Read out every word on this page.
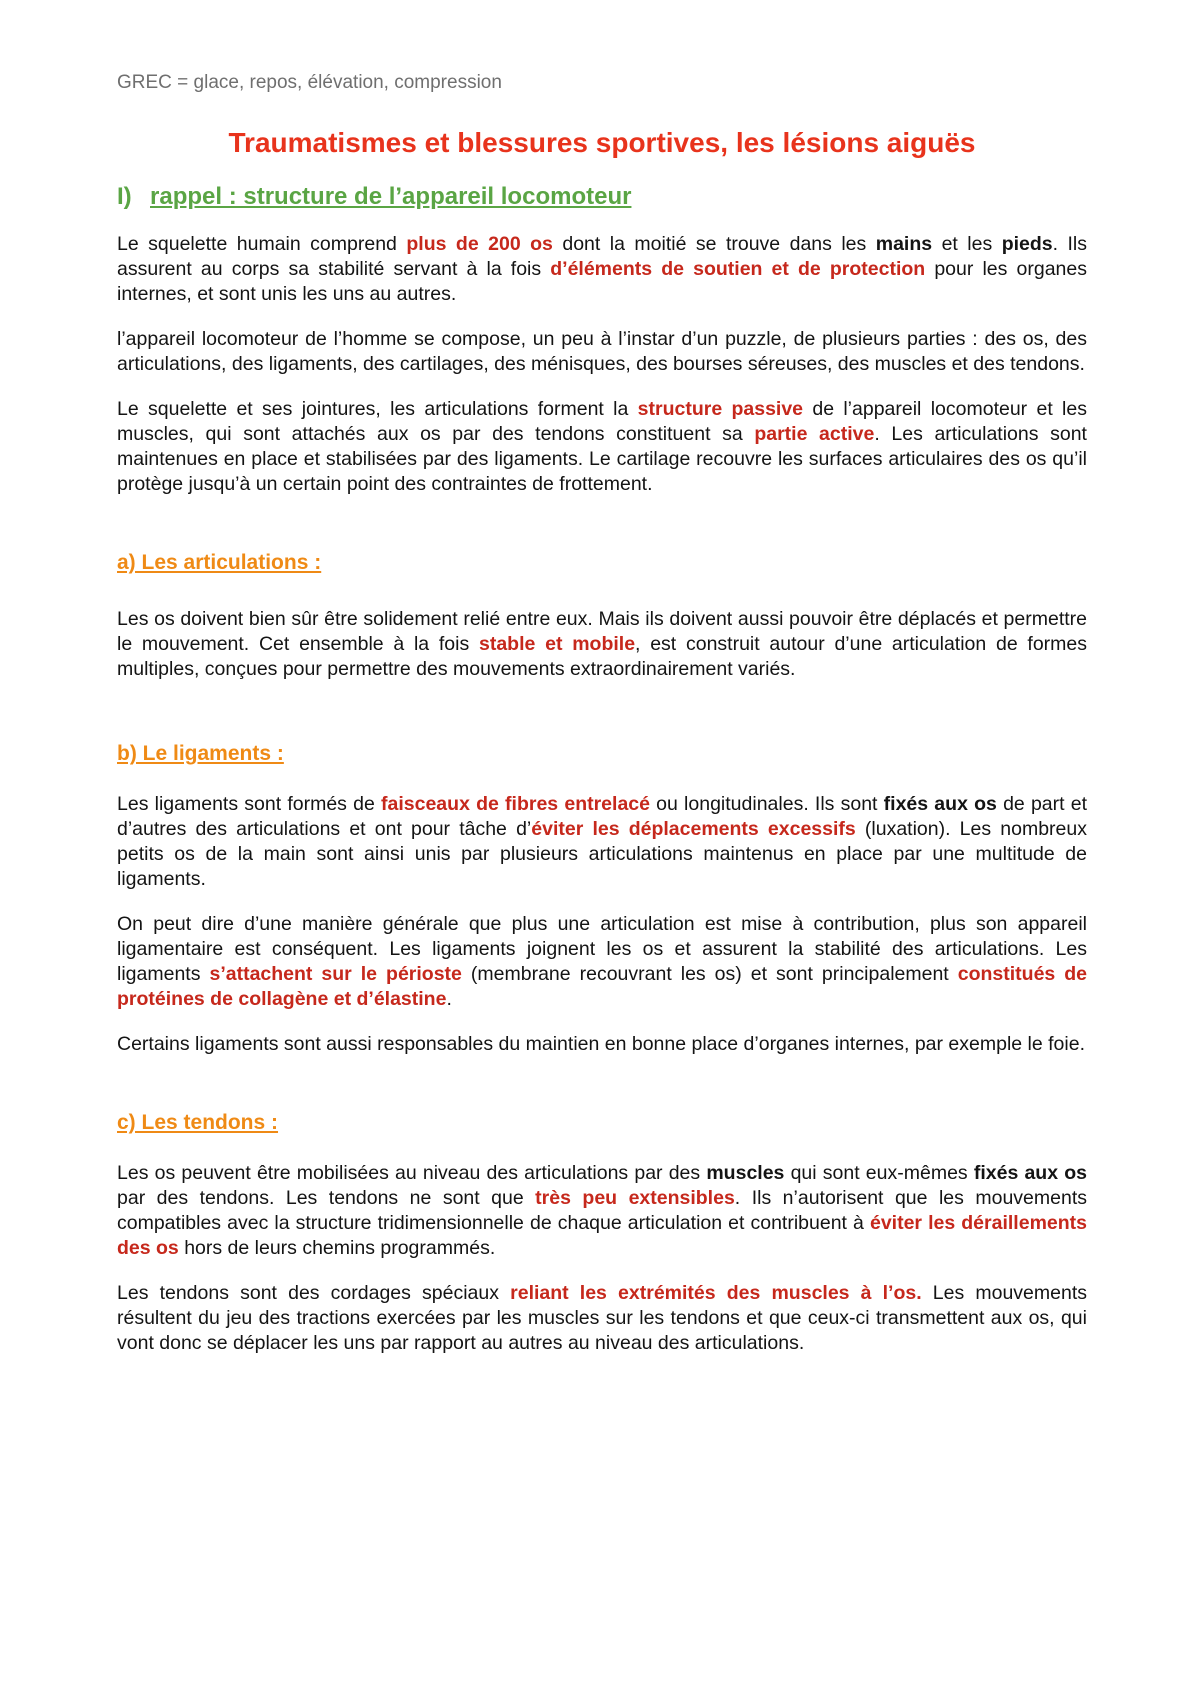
GREC = glace, repos, élévation, compression

Traumatismes et blessures sportives, les lésions aiguës
I) rappel : structure de l’appareil locomoteur

Le squelette humain comprend plus de 200 os dont la moitié se trouve dans les mains et les pieds. Ils assurent au corps sa stabilité servant à la fois d’éléments de soutien et de protection pour les organes internes, et sont unis les uns au autres.

l’appareil locomoteur de l’homme se compose, un peu à l’instar d’un puzzle, de plusieurs parties : des os, des articulations, des ligaments, des cartilages, des ménisques, des bourses séreuses, des muscles et des tendons.

Le squelette et ses jointures, les articulations forment la structure passive de l’appareil locomoteur et les muscles, qui sont attachés aux os par des tendons constituent sa partie active. Les articulations sont maintenues en place et stabilisées par des ligaments. Le cartilage recouvre les surfaces articulaires des os qu’il protège jusqu’à un certain point des contraintes de frottement.

a) Les articulations :

Les os doivent bien sûr être solidement relié entre eux. Mais ils doivent aussi pouvoir être déplacés et permettre le mouvement. Cet ensemble à la fois stable et mobile, est construit autour d’une articulation de formes multiples, conçues pour permettre des mouvements extraordinairement variés.

b) Le ligaments :

Les ligaments sont formés de faisceaux de fibres entrelacé ou longitudinales. Ils sont fixés aux os de part et d’autres des articulations et ont pour tâche d’éviter les déplacements excessifs (luxation). Les nombreux petits os de la main sont ainsi unis par plusieurs articulations maintenus en place par une multitude de ligaments.

On peut dire d’une manière générale que plus une articulation est mise à contribution, plus son appareil ligamentaire est conséquent. Les ligaments joignent les os et assurent la stabilité des articulations. Les ligaments s’attachent sur le périoste (membrane recouvrant les os) et sont principalement constitués de protéines de collagène et d’élastine.

Certains ligaments sont aussi responsables du maintien en bonne place d’organes internes, par exemple le foie.

c) Les tendons :

Les os peuvent être mobilisées au niveau des articulations par des muscles qui sont eux-mêmes fixés aux os par des tendons. Les tendons ne sont que très peu extensibles. Ils n’autorisent que les mouvements compatibles avec la structure tridimensionnelle de chaque articulation et contribuent à éviter les déraillements des os hors de leurs chemins programmés.

Les tendons sont des cordages spéciaux reliant les extrémités des muscles à l’os. Les mouvements résultent du jeu des tractions exercées par les muscles sur les tendons et que ceux-ci transmettent aux os, qui vont donc se déplacer les uns par rapport au autres au niveau des articulations.
